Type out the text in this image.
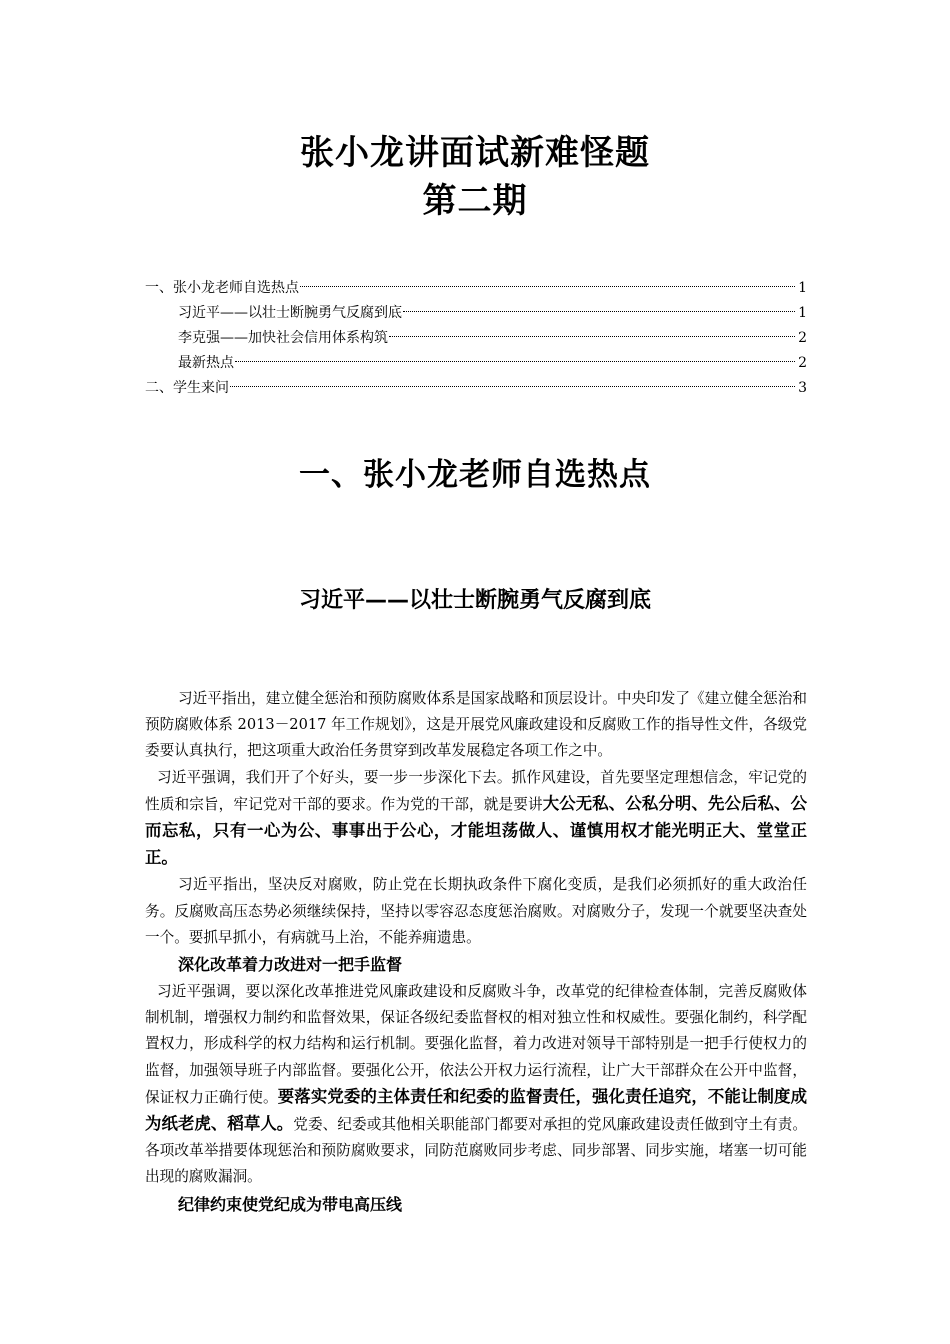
张小龙讲面试新难怪题
第二期
一、张小龙老师自选热点	1
习近平——以壮士断腕勇气反腐到底	1
李克强——加快社会信用体系构筑	2
最新热点	2
二、学生来问	3
一、张小龙老师自选热点
习近平——以壮士断腕勇气反腐到底

习近平指出，建立健全惩治和预防腐败体系是国家战略和顶层设计。中央印发了《建立健全惩治和预防腐败体系 2013－2017 年工作规划》，这是开展党风廉政建设和反腐败工作的指导性文件，各级党委要认真执行，把这项重大政治任务贯穿到改革发展稳定各项工作之中。

习近平强调，我们开了个好头，要一步一步深化下去。抓作风建设，首先要坚定理想信念，牢记党的性质和宗旨，牢记党对干部的要求。作为党的干部，就是要讲大公无私、公私分明、先公后私、公而忘私，只有一心为公、事事出于公心，才能坦荡做人、谨慎用权才能光明正大、堂堂正正。

习近平指出，坚决反对腐败，防止党在长期执政条件下腐化变质，是我们必须抓好的重大政治任务。反腐败高压态势必须继续保持，坚持以零容忍态度惩治腐败。对腐败分子，发现一个就要坚决查处一个。要抓早抓小，有病就马上治，不能养痈遗患。

深化改革着力改进对一把手监督

习近平强调，要以深化改革推进党风廉政建设和反腐败斗争，改革党的纪律检查体制，完善反腐败体制机制，增强权力制约和监督效果，保证各级纪委监督权的相对独立性和权威性。要强化制约，科学配置权力，形成科学的权力结构和运行机制。要强化监督，着力改进对领导干部特别是一把手行使权力的监督，加强领导班子内部监督。要强化公开，依法公开权力运行流程，让广大干部群众在公开中监督，保证权力正确行使。要落实党委的主体责任和纪委的监督责任，强化责任追究，不能让制度成为纸老虎、稻草人。党委、纪委或其他相关职能部门都要对承担的党风廉政建设责任做到守土有责。各项改革举措要体现惩治和预防腐败要求，同防范腐败同步考虑、同步部署、同步实施，堵塞一切可能出现的腐败漏洞。

纪律约束使党纪成为带电高压线
